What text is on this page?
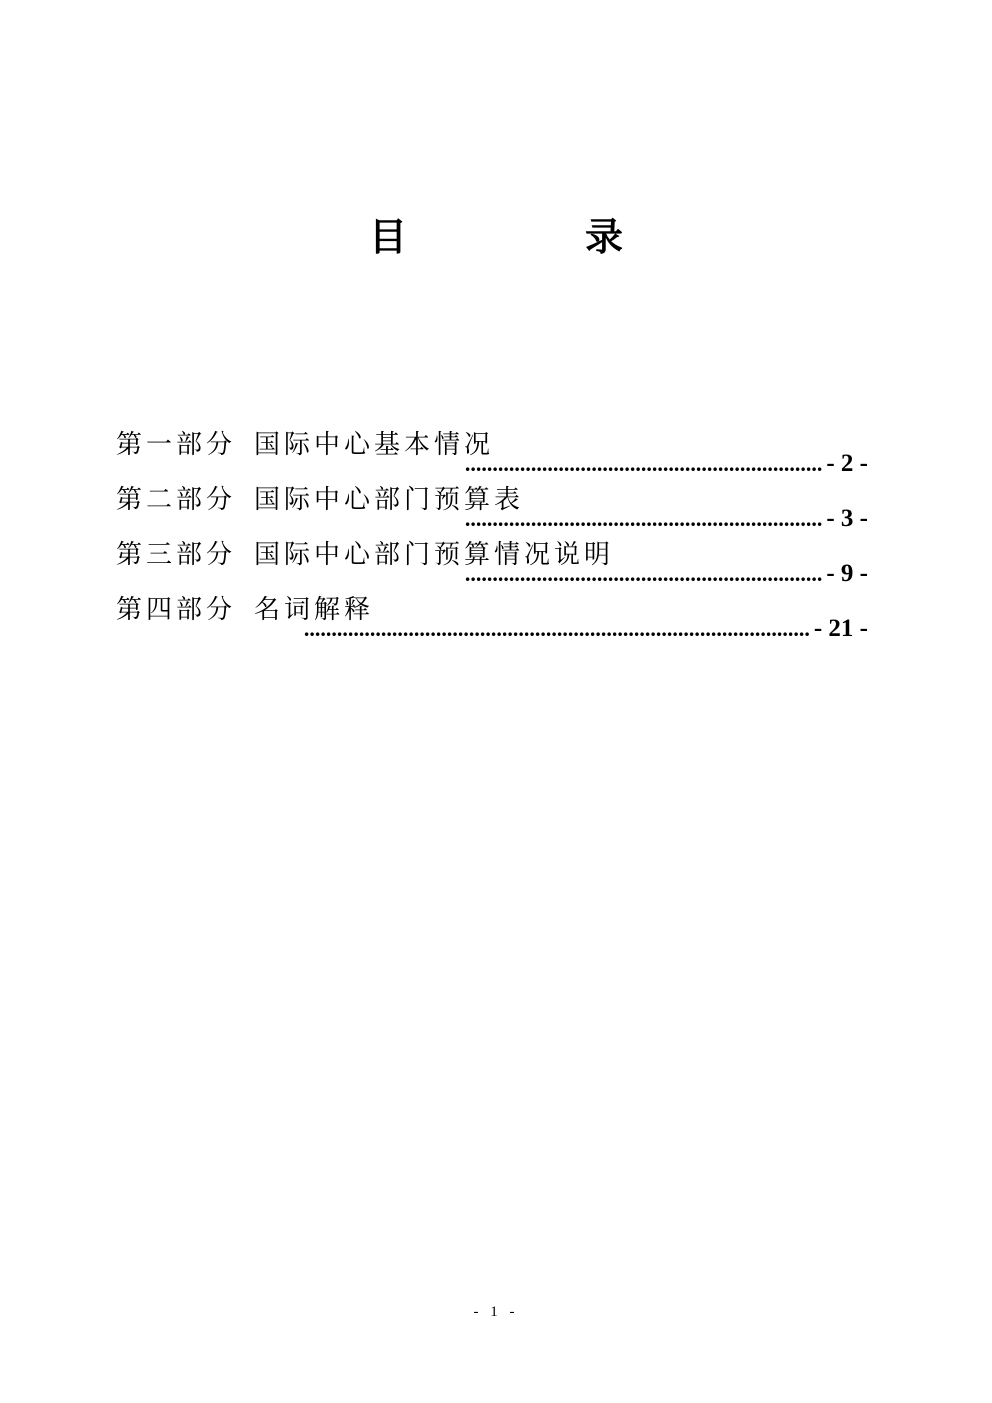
目　录
第一部分 国际中心基本情况
................................................................. - 2 -
第二部分 国际中心部门预算表
................................................................. - 3 -
第三部分 国际中心部门预算情况说明
................................................................. - 9 -
第四部分 名词解释
............................................................................................ - 21 -
- 1 -
